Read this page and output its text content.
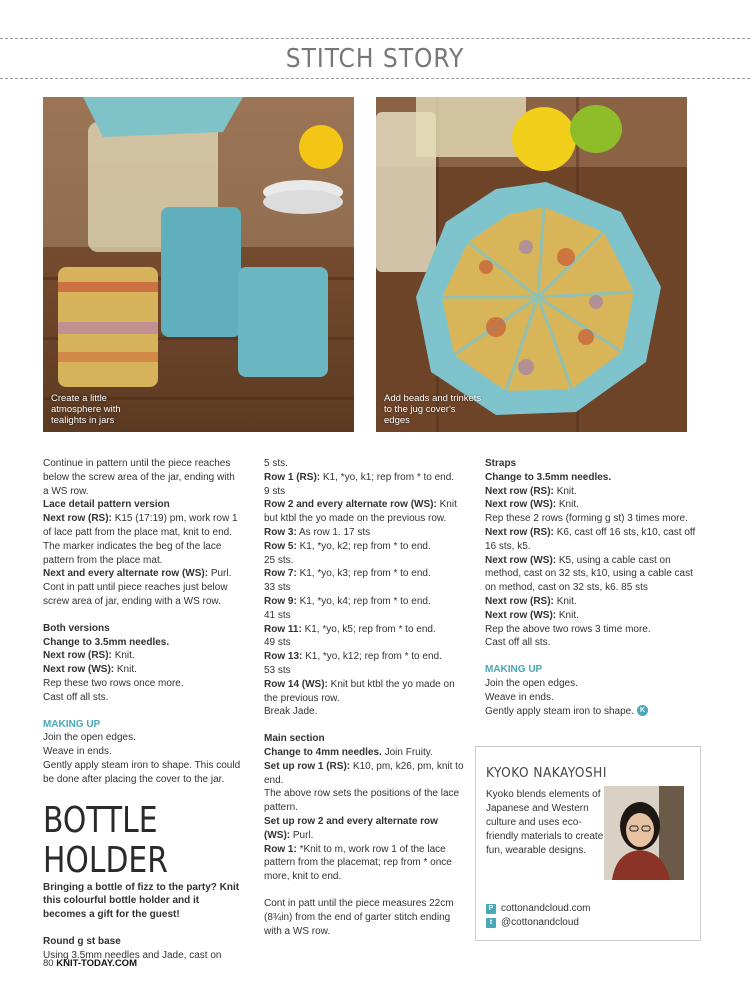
STITCH STORY
Create a little atmosphere with tealights in jars
Add beads and trinkets to the jug cover's edges

Continue in pattern until the piece reaches below the screw area of the jar, ending with a WS row.

Lace detail pattern version

Next row (RS): K15 (17:19) pm, work row 1 of lace patt from the place mat, knit to end. The marker indicates the beg of the lace pattern from the place mat.

Next and every alternate row (WS): Purl. Cont in patt until piece reaches just below screw area of jar, ending with a WS row.

Both versions

Change to 3.5mm needles.

Next row (RS): Knit.

Next row (WS): Knit.

Rep these two rows once more.

Cast off all sts.

MAKING UP

Join the open edges.

Weave in ends.

Gently apply steam iron to shape. This could be done after placing the cover to the jar.

BOTTLE HOLDER

Bringing a bottle of fizz to the party? Knit this colourful bottle holder and it becomes a gift for the guest!

Round g st base

Using 3.5mm needles and Jade, cast on

5 sts.

Row 1 (RS): K1, *yo, k1; rep from * to end.

9 sts

Row 2 and every alternate row (WS): Knit but ktbl the yo made on the previous row.

Row 3: As row 1. 17 sts

Row 5: K1, *yo, k2; rep from * to end.

25 sts.

Row 7: K1, *yo, k3; rep from * to end.

33 sts

Row 9: K1, *yo, k4; rep from * to end.

41 sts

Row 11: K1, *yo, k5; rep from * to end.

49 sts

Row 13: K1, *yo, k12; rep from * to end.

53 sts

Row 14 (WS): Knit but ktbl the yo made on the previous row.

Break Jade.

Main section

Change to 4mm needles. Join Fruity.

Set up row 1 (RS): K10, pm, k26, pm, knit to end.

The above row sets the positions of the lace pattern.

Set up row 2 and every alternate row (WS): Purl.

Row 1: *Knit to m, work row 1 of the lace pattern from the placemat; rep from * once more, knit to end.

Cont in patt until the piece measures 22cm (8¾in) from the end of garter stitch ending with a WS row.

Straps

Change to 3.5mm needles.

Next row (RS): Knit.

Next row (WS): Knit.

Rep these 2 rows (forming g st) 3 times more.

Next row (RS): K6, cast off 16 sts, k10, cast off 16 sts, k5.

Next row (WS): K5, using a cable cast on method, cast on 32 sts, k10, using a cable cast on method, cast on 32 sts, k6. 85 sts

Next row (RS): Knit.

Next row (WS): Knit.

Rep the above two rows 3 time more.

Cast off all sts.

MAKING UP

Join the open edges.

Weave in ends.

Gently apply steam iron to shape. K

KYOKO NAKAYOSHI
Kyoko blends elements of Japanese and Western culture and uses eco-friendly materials to create fun, wearable designs.
P cottonandcloud.com
t @cottonandcloud
80 KNIT-TODAY.COM
